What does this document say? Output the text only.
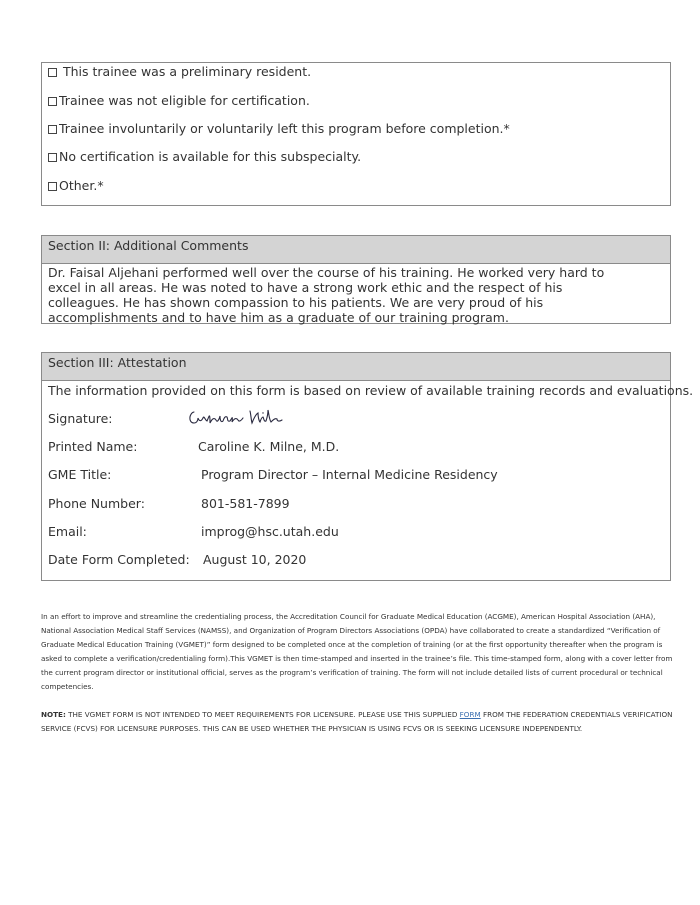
This trainee was a preliminary resident.
Trainee was not eligible for certification.
Trainee involuntarily or voluntarily left this program before completion.*
No certification is available for this subspecialty.
Other.*
Section II: Additional Comments
Dr. Faisal Aljehani performed well over the course of his training. He worked very hard to excel in all areas. He was noted to have a strong work ethic and the respect of his colleagues. He has shown compassion to his patients. We are very proud of his accomplishments and to have him as a graduate of our training program.
Section III: Attestation
The information provided on this form is based on review of available training records and evaluations.
Signature:
Printed Name:	Caroline K. Milne, M.D.
GME Title:	Program Director – Internal Medicine Residency
Phone Number:	801-581-7899
Email:	improg@hsc.utah.edu
Date Form Completed: August 10, 2020
In an effort to improve and streamline the credentialing process, the Accreditation Council for Graduate Medical Education (ACGME), American Hospital Association (AHA), National Association Medical Staff Services (NAMSS), and Organization of Program Directors Associations (OPDA) have collaborated to create a standardized “Verification of Graduate Medical Education Training (VGMET)” form designed to be completed once at the completion of training (or at the first opportunity thereafter when the program is asked to complete a verification/credentialing form).This VGMET is then time-stamped and inserted in the trainee’s file. This time-stamped form, along with a cover letter from the current program director or institutional official, serves as the program’s verification of training. The form will not include detailed lists of current procedural or technical competencies.
NOTE: THE VGMET FORM IS NOT INTENDED TO MEET REQUIREMENTS FOR LICENSURE. PLEASE USE THIS SUPPLIED FORM FROM THE FEDERATION CREDENTIALS VERIFICATION SERVICE (FCVS) FOR LICENSURE PURPOSES. THIS CAN BE USED WHETHER THE PHYSICIAN IS USING FCVS OR IS SEEKING LICENSURE INDEPENDENTLY.
